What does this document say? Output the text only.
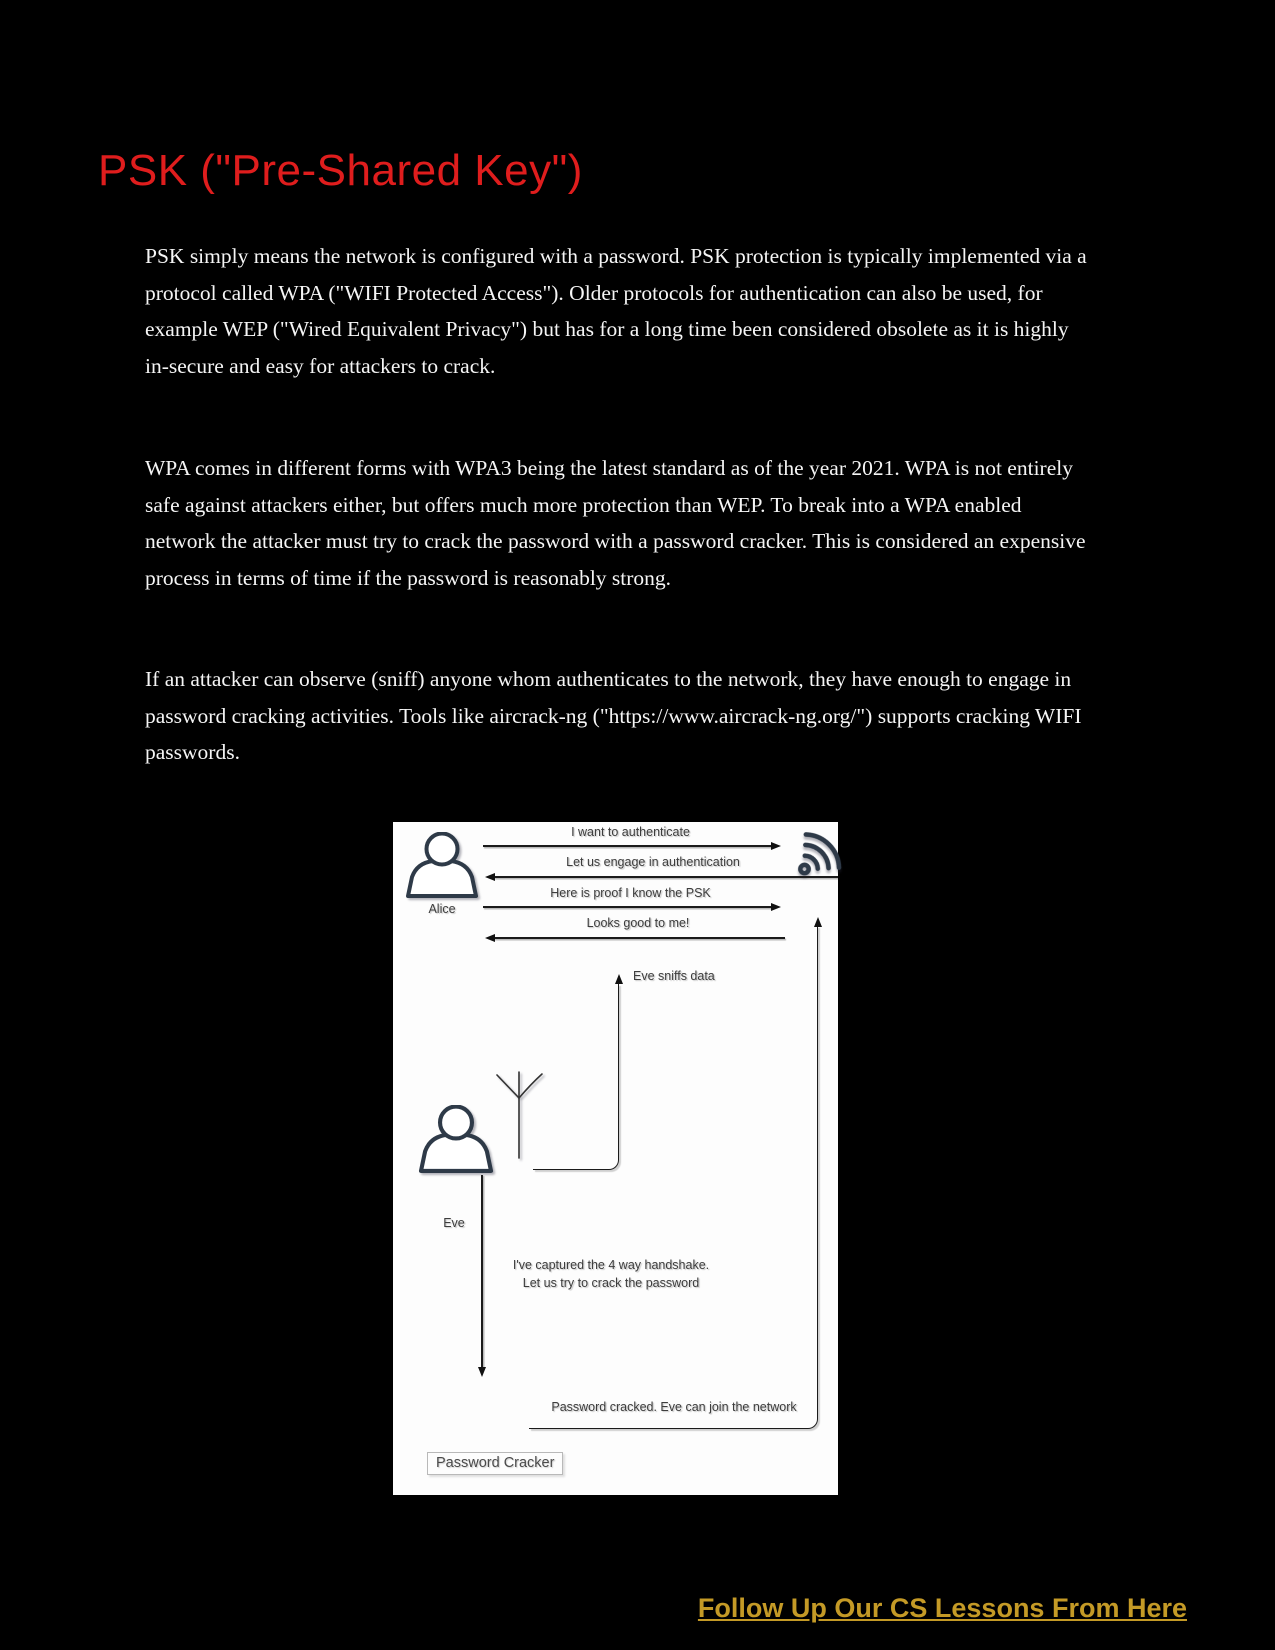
PSK ("Pre-Shared Key")

PSK simply means the network is configured with a password. PSK protection is typically implemented via a protocol called WPA ("WIFI Protected Access"). Older protocols for authentication can also be used, for example WEP ("Wired Equivalent Privacy") but has for a long time been considered obsolete as it is highly in-secure and easy for attackers to crack.

WPA comes in different forms with WPA3 being the latest standard as of the year 2021. WPA is not entirely safe against attackers either, but offers much more protection than WEP. To break into a WPA enabled network the attacker must try to crack the password with a password cracker. This is considered an expensive process in terms of time if the password is reasonably strong.

If an attacker can observe (sniff) anyone whom authenticates to the network, they have enough to engage in password cracking activities. Tools like aircrack-ng ("https://www.aircrack-ng.org/") supports cracking WIFI passwords.

Alice
I want to authenticate
Let us engage in authentication
Here is proof I know the PSK
Looks good to me!
Eve sniffs data
Eve
I've captured the 4 way handshake.
Let us try to crack the password
Password cracked. Eve can join the network
Password Cracker
Follow Up Our CS Lessons From Here
